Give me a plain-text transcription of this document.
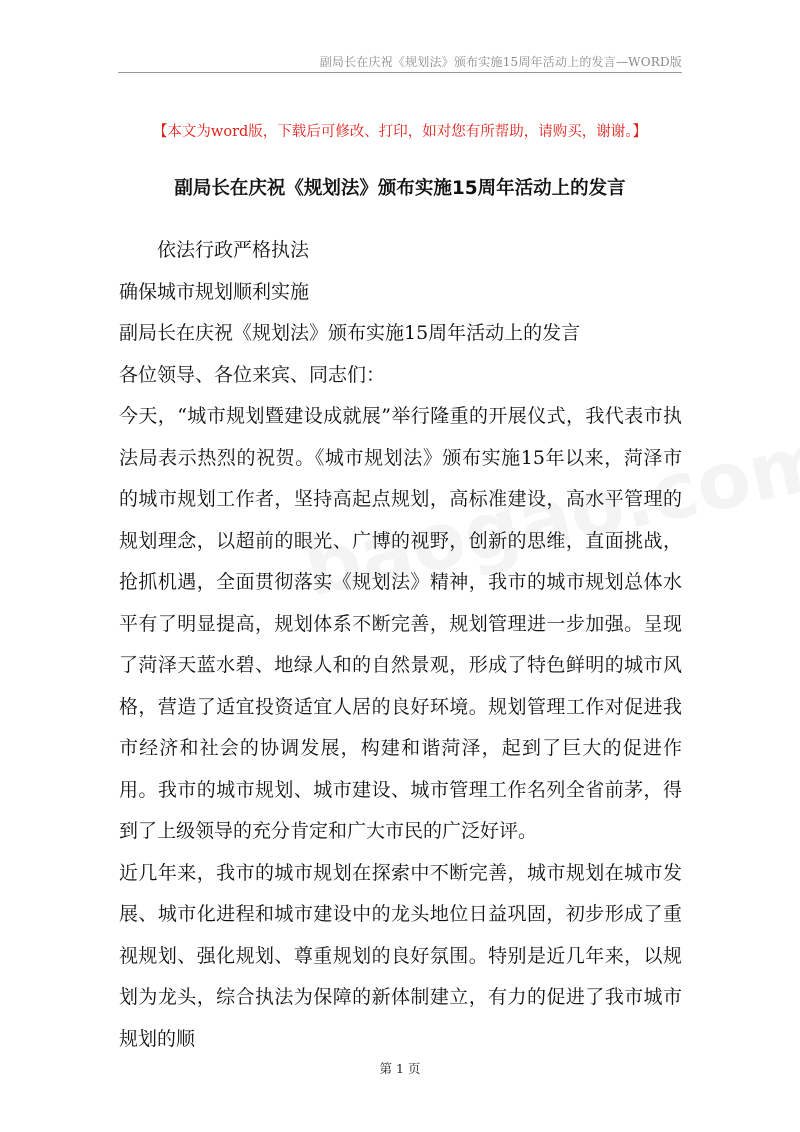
副局长在庆祝《规划法》颁布实施15周年活动上的发言—WORD版
【本文为word版，下载后可修改、打印，如对您有所帮助，请购买，谢谢。】
副局长在庆祝《规划法》颁布实施15周年活动上的发言

依法行政严格执法

确保城市规划顺利实施

副局长在庆祝《规划法》颁布实施15周年活动上的发言

各位领导、各位来宾、同志们：

今天，“城市规划暨建设成就展”举行隆重的开展仪式，我代表市执法局表示热烈的祝贺。《城市规划法》颁布实施15年以来，菏泽市的城市规划工作者，坚持高起点规划，高标准建设，高水平管理的规划理念，以超前的眼光、广博的视野，创新的思维，直面挑战，抢抓机遇，全面贯彻落实《规划法》精神，我市的城市规划总体水平有了明显提高，规划体系不断完善，规划管理进一步加强。呈现了菏泽天蓝水碧、地绿人和的自然景观，形成了特色鲜明的城市风格，营造了适宜投资适宜人居的良好环境。规划管理工作对促进我市经济和社会的协调发展，构建和谐菏泽，起到了巨大的促进作用。我市的城市规划、城市建设、城市管理工作名列全省前茅，得到了上级领导的充分肯定和广大市民的广泛好评。

近几年来，我市的城市规划在探索中不断完善，城市规划在城市发展、城市化进程和城市建设中的龙头地位日益巩固，初步形成了重视规划、强化规划、尊重规划的良好氛围。特别是近几年来，以规划为龙头，综合执法为保障的新体制建立，有力的促进了我市城市规划的顺

第 1 页
